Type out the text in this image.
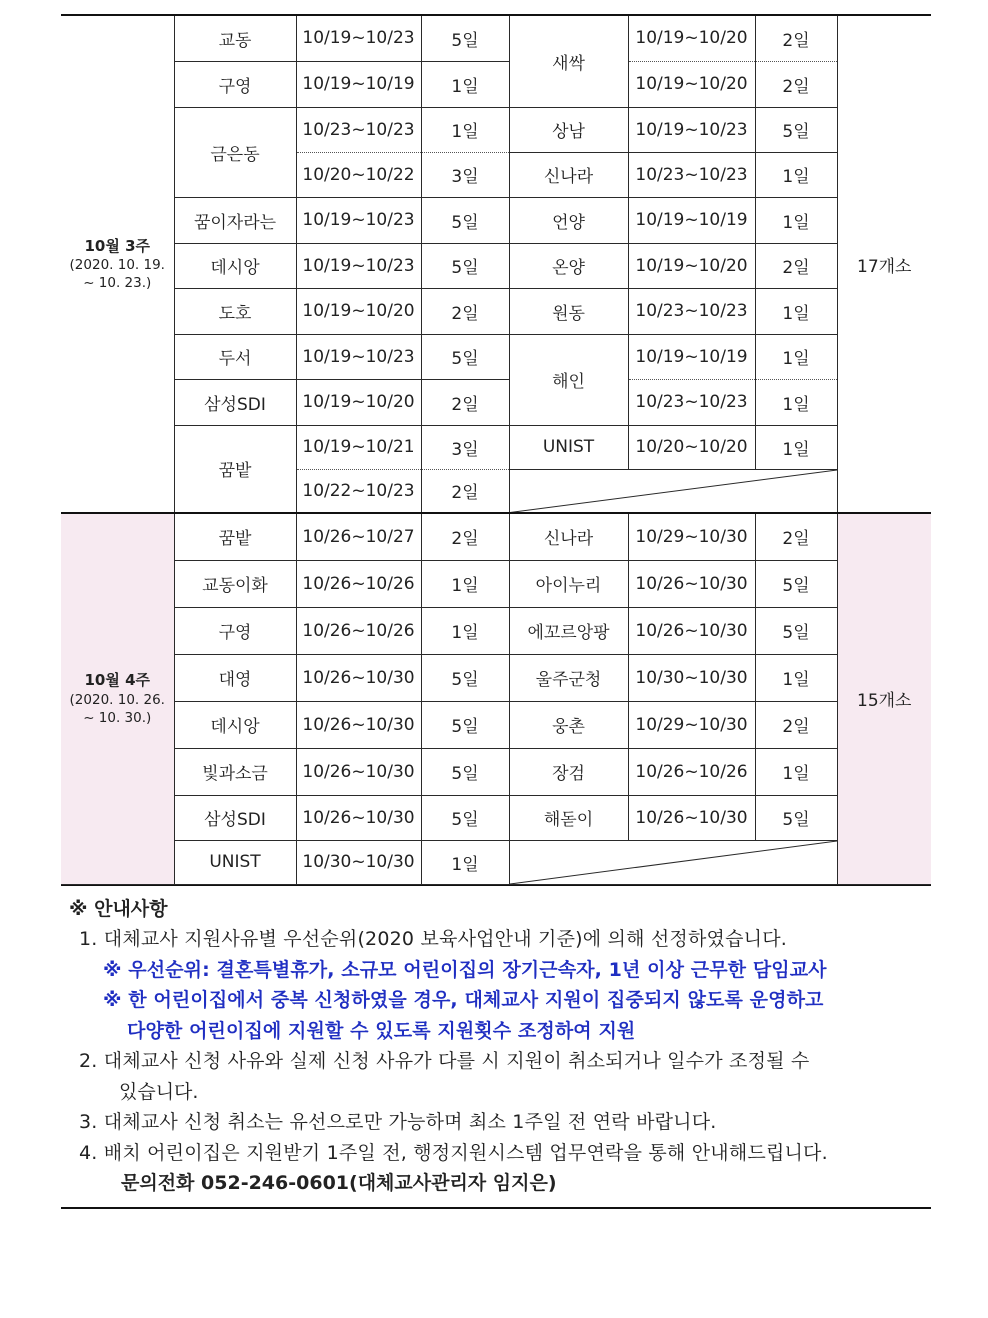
10월 3주
(2020. 10. 19.
~ 10. 23.)	교동	10/19~10/23	5일	새싹	10/19~10/20	2일	17개소
	구영	10/19~10/19	1일		10/19~10/20	2일	
	금은동	10/23~10/23	1일	상남	10/19~10/23	5일	
		10/20~10/22	3일	신나라	10/23~10/23	1일	
	꿈이자라는	10/19~10/23	5일	언양	10/19~10/19	1일	
	데시앙	10/19~10/23	5일	온양	10/19~10/20	2일	
	도호	10/19~10/20	2일	원동	10/23~10/23	1일	
	두서	10/19~10/23	5일	해인	10/19~10/19	1일	
	삼성SDI	10/19~10/20	2일		10/23~10/23	1일	
	꿈밭	10/19~10/21	3일	UNIST	10/20~10/20	1일	
		10/22~10/23	2일	

10월 4주
(2020. 10. 26.
~ 10. 30.)	꿈밭	10/26~10/27	2일	신나라	10/29~10/30	2일	15개소
	교동이화	10/26~10/26	1일	아이누리	10/26~10/30	5일	
	구영	10/26~10/26	1일	에꼬르앙팡	10/26~10/30	5일	
	대영	10/26~10/30	5일	울주군청	10/30~10/30	1일	
	데시앙	10/26~10/30	5일	웅촌	10/29~10/30	2일	
	빛과소금	10/26~10/30	5일	장검	10/26~10/26	1일	
	삼성SDI	10/26~10/30	5일	해돋이	10/26~10/30	5일	
	UNIST	10/30~10/30	1일	
※ 안내사항
1. 대체교사 지원사유별 우선순위(2020 보육사업안내 기준)에 의해 선정하였습니다.
※ 우선순위: 결혼특별휴가, 소규모 어린이집의 장기근속자, 1년 이상 근무한 담임교사
※ 한 어린이집에서 중복 신청하였을 경우, 대체교사 지원이 집중되지 않도록 운영하고
다양한 어린이집에 지원할 수 있도록 지원횟수 조정하여 지원
2. 대체교사 신청 사유와 실제 신청 사유가 다를 시 지원이 취소되거나 일수가 조정될 수
있습니다.
3. 대체교사 신청 취소는 유선으로만 가능하며 최소 1주일 전 연락 바랍니다.
4. 배치 어린이집은 지원받기 1주일 전, 행정지원시스템 업무연락을 통해 안내해드립니다.
문의전화 052-246-0601(대체교사관리자 임지은)
